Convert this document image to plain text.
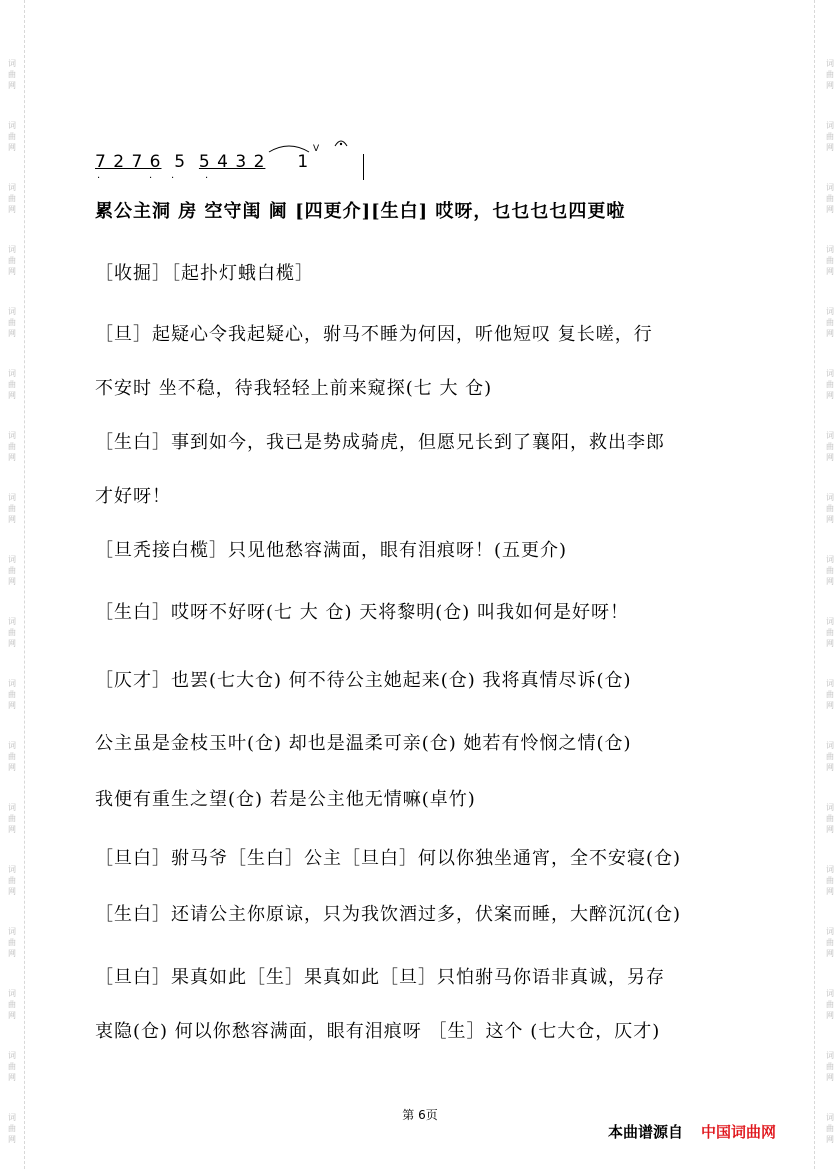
词
曲
网
词
曲
网
词
曲
网
词
曲
网
词
曲
网
词
曲
网
词
曲
网
词
曲
网
词
曲
网
词
曲
网
词
曲
网
词
曲
网
词
曲
网
词
曲
网
词
曲
网
词
曲
网
词
曲
网
词
曲
网
词
曲
网
词
曲
网
词
曲
网
词
曲
网
词
曲
网
词
曲
网
词
曲
网
词
曲
网
词
曲
网
词
曲
网
词
曲
网
词
曲
网
词
曲
网
词
曲
网
词
曲
网
词
曲
网
词
曲
网
词
曲
网
7 2 7 6  5  5 4 3 2     1
·	· ·	·
V
累公主洞 房 空守闺 阃 [四更介][生白] 哎呀，乜乜乜乜四更啦
［收掘］［起扑灯蛾白榄］
［旦］起疑心令我起疑心，驸马不睡为何因，听他短叹 复长嗟，行
不安时 坐不稳，待我轻轻上前来窥探(七 大 仓)
［生白］事到如今，我已是势成骑虎，但愿兄长到了襄阳，救出李郎
才好呀！
［旦秃接白榄］只见他愁容满面，眼有泪痕呀！(五更介)
［生白］哎呀不好呀(七 大 仓) 天将黎明(仓) 叫我如何是好呀！
［仄才］也罢(七大仓) 何不待公主她起来(仓) 我将真情尽诉(仓)
公主虽是金枝玉叶(仓) 却也是温柔可亲(仓) 她若有怜悯之情(仓)
我便有重生之望(仓) 若是公主他无情嘛(卓竹)
［旦白］驸马爷［生白］公主［旦白］何以你独坐通宵，全不安寝(仓)
［生白］还请公主你原谅，只为我饮酒过多，伏案而睡，大醉沉沉(仓)
［旦白］果真如此［生］果真如此［旦］只怕驸马你语非真诚，另存
衷隐(仓) 何以你愁容满面，眼有泪痕呀 ［生］这个 (七大仓，仄才)
第 6页
本曲谱源自 中国词曲网
